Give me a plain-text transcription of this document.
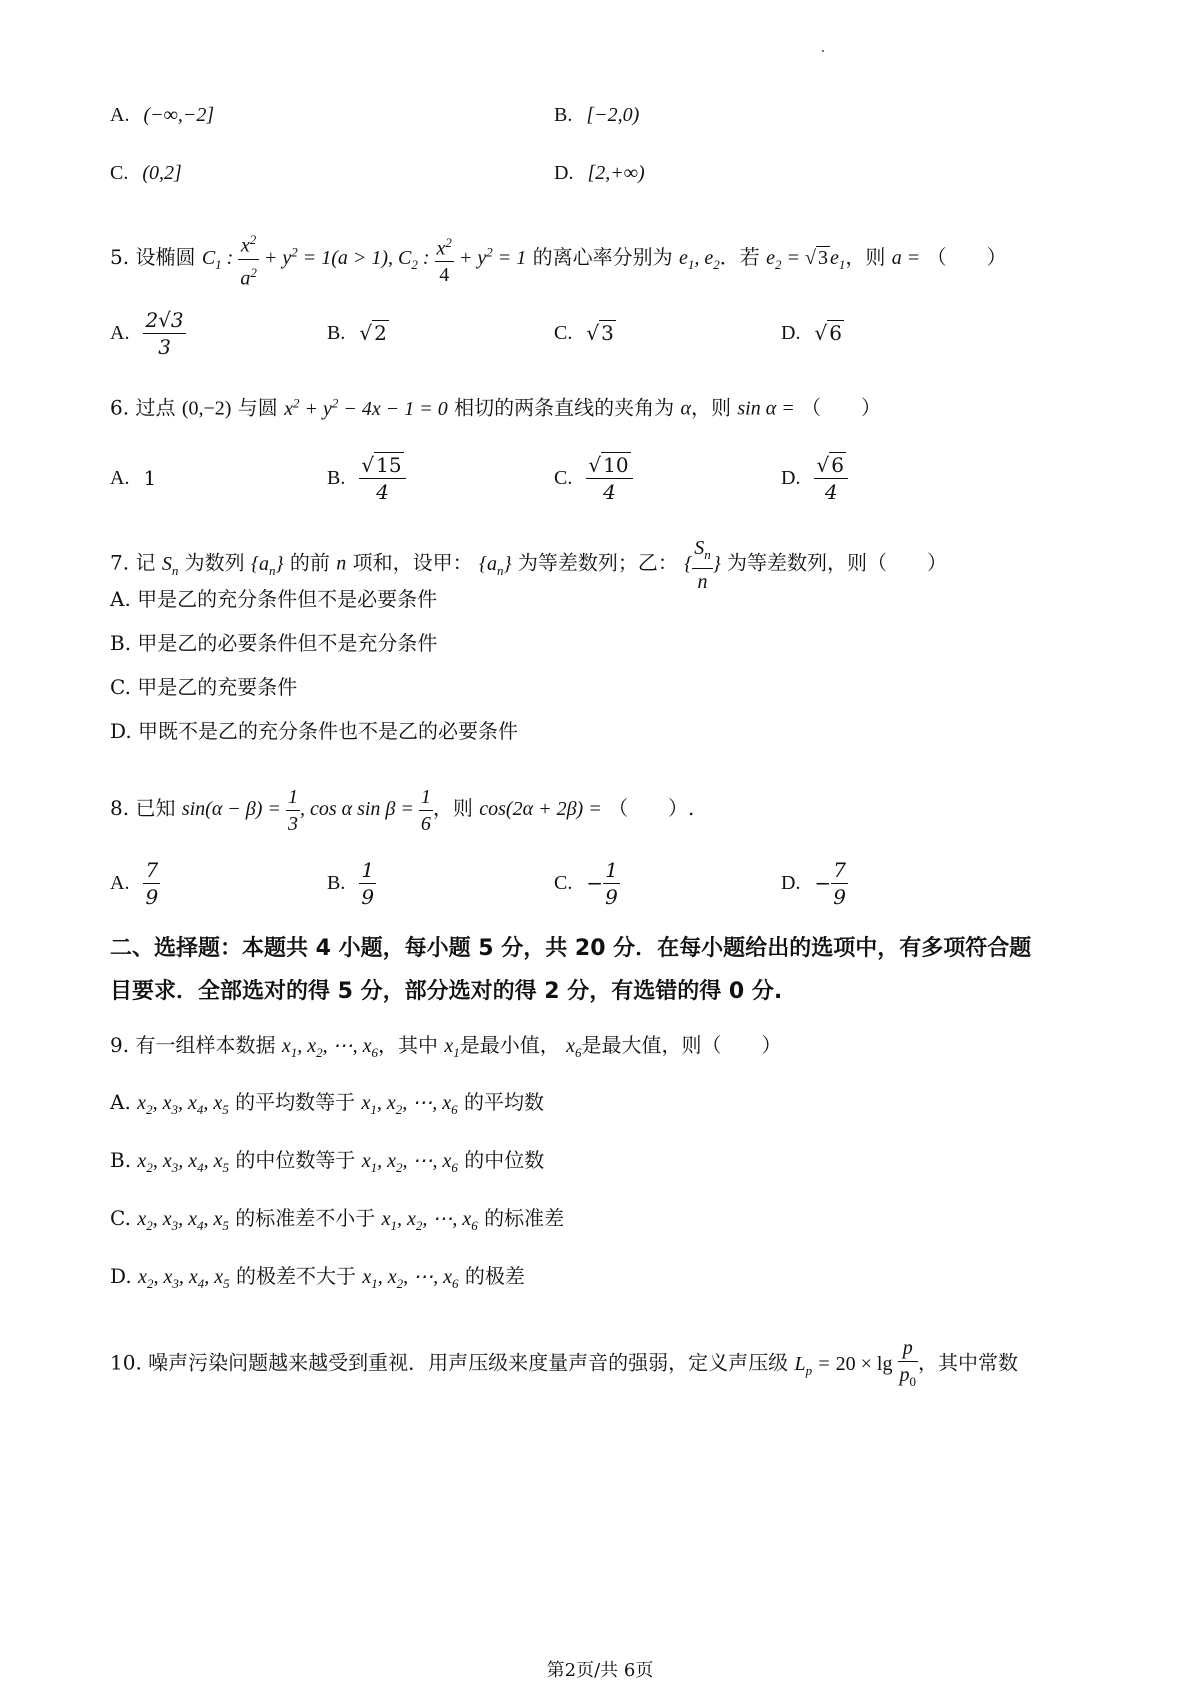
A. (−∞,−2]	B. [−2,0)
C. (0,2]	D. [2,+∞)
5. 设椭圆 $C_1$ : $\frac{x^2}{a^2} + y^2 = 1(a > 1)$, $C_2$ : $\frac{x^2}{4} + y^2 = 1$ 的离心率分别为 $e_1$, $e_2$．若 $e_2$ = √ 3 $e_1$，则 a = （　　）
A. $\frac{2√3}{3}$	B. √ 2	C. √ 3	D. √ 6
6. 过点 (0,−2) 与圆 $x^2 + y^2 - 4x - 1 = 0$ 相切的两条直线的夹角为 α，则 sin α = （　　）
A. 1	B. $\frac{√ 15}{4}$	C. $\frac{√ 10}{4}$	D. $\frac{√ 6}{4}$
7. 记 $S_n$ 为数列 $\{a_n\}$ 的前 n 项和，设甲： $\{a_n\}$ 为等差数列；乙： { $\frac{S_n}{n}$ } 为等差数列，则（　　）
A. 甲是乙的充分条件但不是必要条件
B. 甲是乙的必要条件但不是充分条件
C. 甲是乙的充要条件
D. 甲既不是乙的充分条件也不是乙的必要条件
8. 已知 $\sin(\alpha - \beta) = \frac{1}{3}$ , cos α $\sin \beta = \frac{1}{6}$ ，则 cos(2α + 2β) = （　　）.
A. $\frac{7}{9}$	B. $\frac{1}{9}$	C. − $\frac{1}{9}$	D. − $\frac{7}{9}$
二、选择题：本题共 4 小题，每小题 5 分，共 20 分．在每小题给出的选项中，有多项符合题
目要求．全部选对的得 5 分，部分选对的得 2 分，有选错的得 0 分.
9. 有一组样本数据 $x_1$, $x_2$, ⋯, $x_6$，其中 $x_1$是最小值， $x_6$是最大值，则（　　）
A. $x_2$, $x_3$, $x_4$, $x_5$ 的平均数等于 $x_1$, $x_2$, ⋯, $x_6$ 的平均数
B. $x_2$, $x_3$, $x_4$, $x_5$ 的中位数等于 $x_1$, $x_2$, ⋯, $x_6$ 的中位数
C. $x_2$, $x_3$, $x_4$, $x_5$ 的标准差不小于 $x_1$, $x_2$, ⋯, $x_6$ 的标准差
D. $x_2$, $x_3$, $x_4$, $x_5$ 的极差不大于 $x_1$, $x_2$, ⋯, $x_6$ 的极差
10. 噪声污染问题越来越受到重视．用声压级来度量声音的强弱，定义声压级 $L_p = 20 \times \lg \frac{p}{p_0}$ ，其中常数
第2页/共 6页
